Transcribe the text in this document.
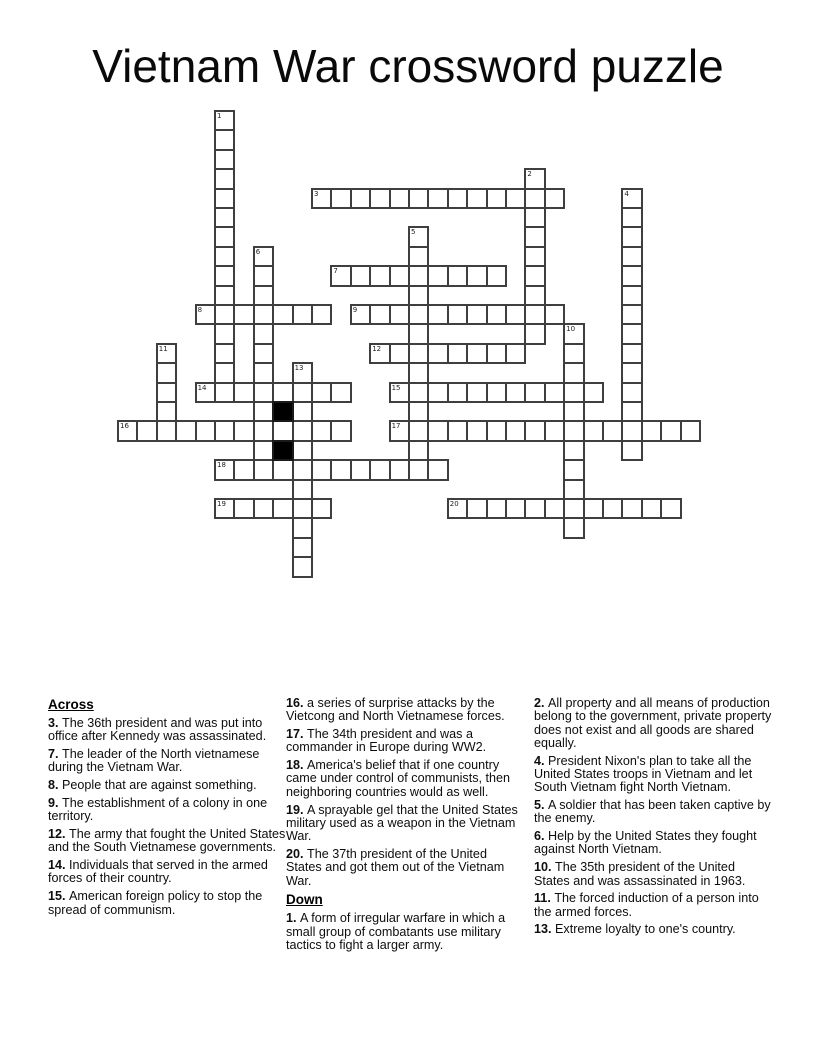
Vietnam War crossword puzzle
1
2
3	4
5
6
7
8	9
10
11	12
13
14	15
16	17
18
19	20
Across

3. The 36th president and was put into office after Kennedy was assassinated.

7. The leader of the North vietnamese during the Vietnam War.

8. People that are against something.

9. The establishment of a colony in one territory.

12. The army that fought the United States and the South Vietnamese governments.

14. Individuals that served in the armed forces of their country.

15. American foreign policy to stop the spread of communism.

16. a series of surprise attacks by the Vietcong and North Vietnamese forces.

17. The 34th president and was a commander in Europe during WW2.

18. America's belief that if one country came under control of communists, then neighboring countries would as well.

19. A sprayable gel that the United States military used as a weapon in the Vietnam War.

20. The 37th president of the United States and got them out of the Vietnam War.

Down

1. A form of irregular warfare in which a small group of combatants use military tactics to fight a larger army.

2. All property and all means of production belong to the government, private property does not exist and all goods are shared equally.

4. President Nixon's plan to take all the United States troops in Vietnam and let South Vietnam fight North Vietnam.

5. A soldier that has been taken captive by the enemy.

6. Help by the United States they fought against North Vietnam.

10. The 35th president of the United States and was assassinated in 1963.

11. The forced induction of a person into the armed forces.

13. Extreme loyalty to one's country.
